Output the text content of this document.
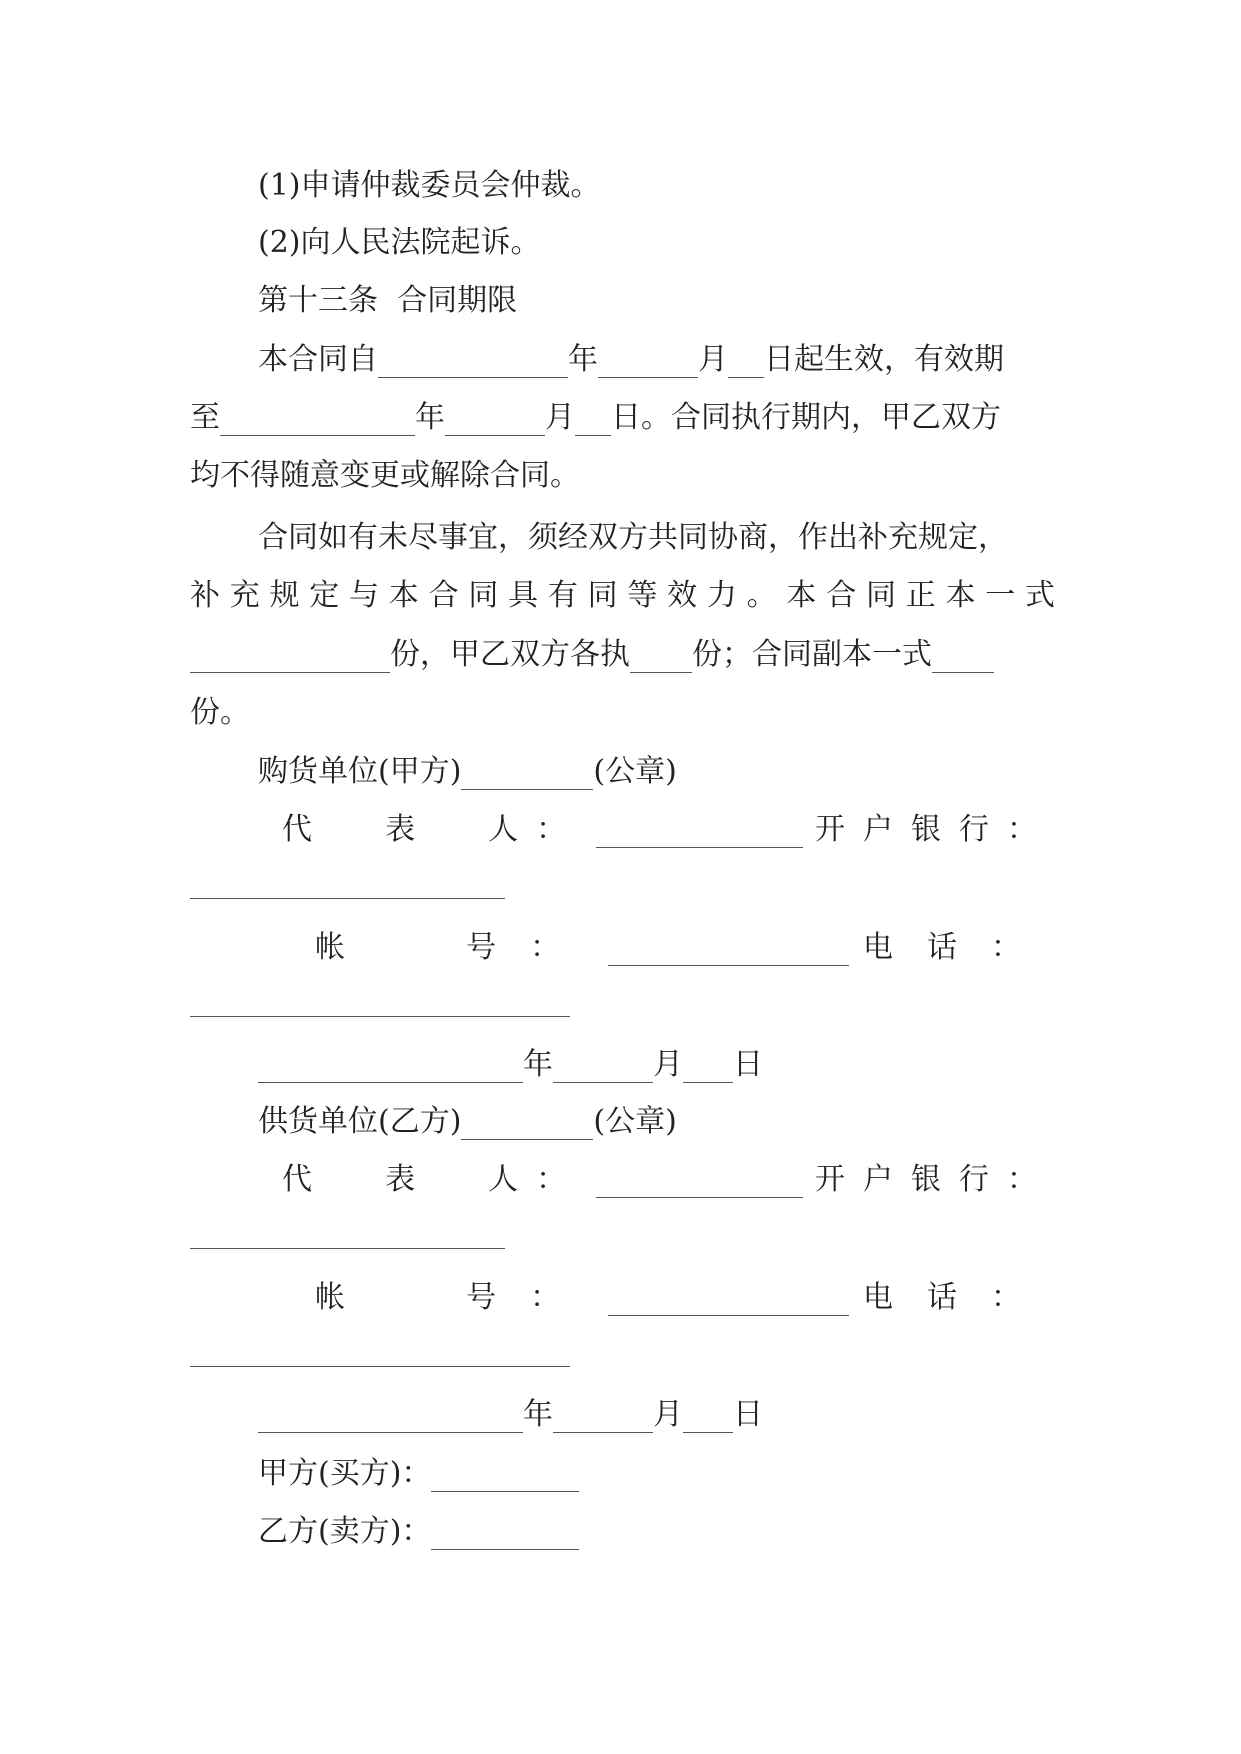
(1)申请仲裁委员会仲裁。
(2)向人民法院起诉。
第十三条  合同期限
本合同自	年	月 日起生效，有效期
至	年	月 日。合同执行期内，甲乙双方
均不得随意变更或解除合同。
合同如有未尽事宜，须经双方共同协商，作出补充规定，
补充规定与本合同具有同等效力。本合同正本一式
份，甲乙双方各执 份；合同副本一式
份。
购货单位(甲方)	(公章)
代  表  人：	开户银行：
帐  号：	电话：
年	月 日
供货单位(乙方)	(公章)
代  表  人：	开户银行：
帐  号：	电话：
年	月 日
甲方(买方)：
乙方(卖方)：
